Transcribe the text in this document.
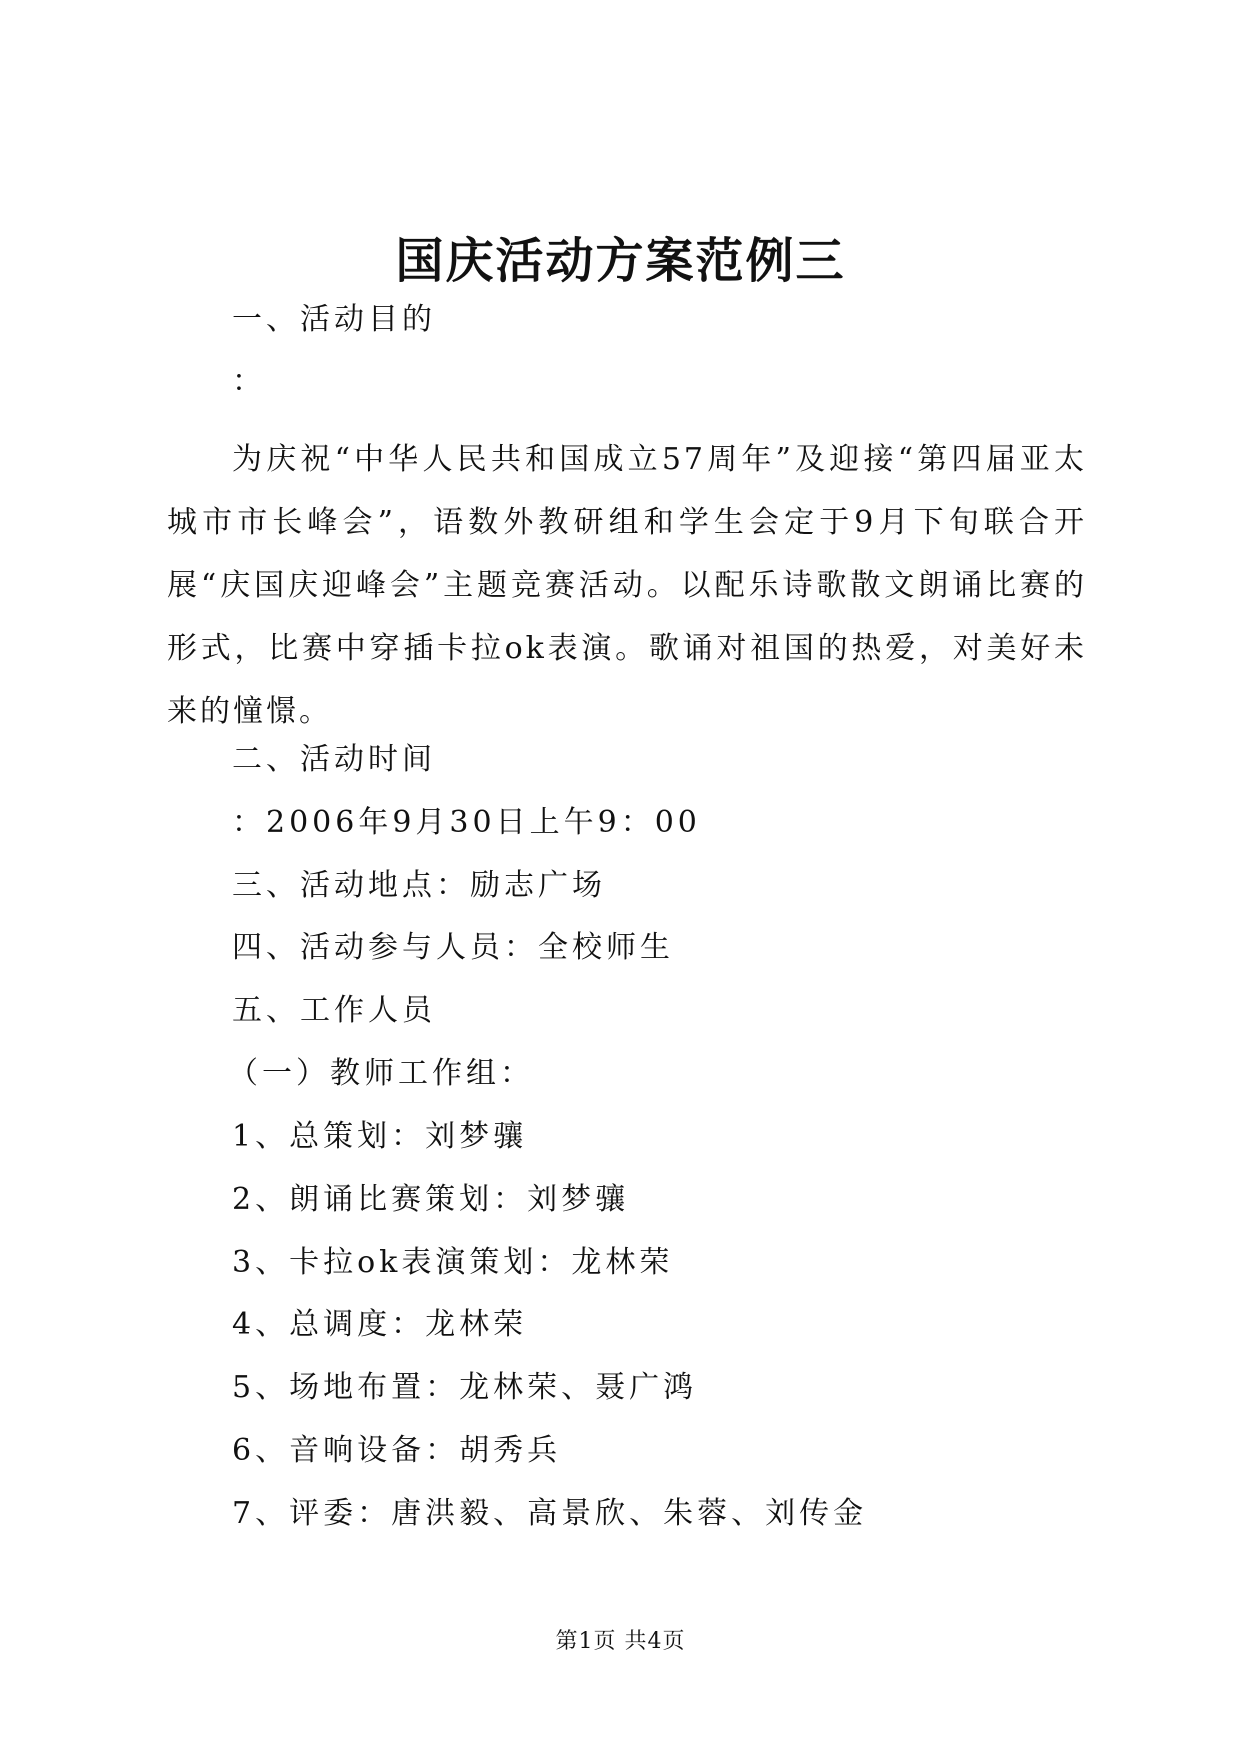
国庆活动方案范例三
一、活动目的
：
为庆祝“中华人民共和国成立57周年”及迎接“第四届亚太城市市长峰会”，语数外教研组和学生会定于9月下旬联合开展“庆国庆迎峰会”主题竞赛活动。以配乐诗歌散文朗诵比赛的形式，比赛中穿插卡拉ok表演。歌诵对祖国的热爱，对美好未来的憧憬。
二、活动时间
：2006年9月30日上午9：00
三、活动地点：励志广场
四、活动参与人员：全校师生
五、工作人员
（一）教师工作组：
1、总策划：刘梦骧
2、朗诵比赛策划：刘梦骧
3、卡拉ok表演策划：龙林荣
4、总调度：龙林荣
5、场地布置：龙林荣、聂广鸿
6、音响设备：胡秀兵
7、评委：唐洪毅、高景欣、朱蓉、刘传金
第1页 共4页
